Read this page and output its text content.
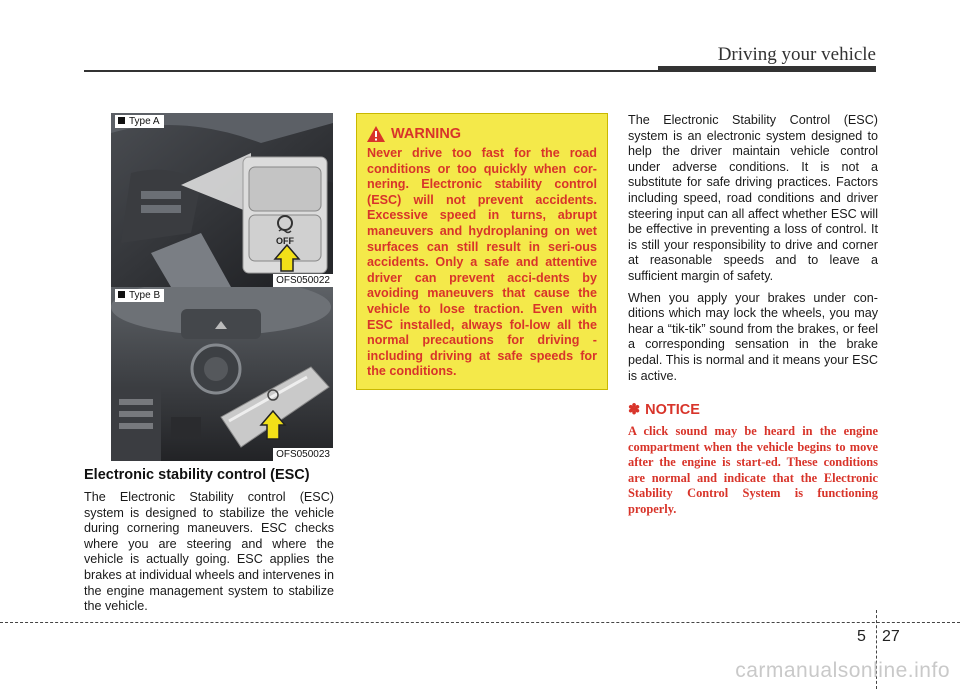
Driving your vehicle
OFF
Type A
OFS050022
Type B
OFS050023
Electronic stability control (ESC)

The Electronic Stability control (ESC) system is designed to stabilize the vehicle during cornering maneuvers. ESC checks where you are steering and where the vehicle is actually going. ESC applies the brakes at individual wheels and intervenes in the engine management system to stabilize the vehicle.

WARNING

Never drive too fast for the road conditions or too quickly when cor-nering. Electronic stability control (ESC) will not prevent accidents. Excessive speed in turns, abrupt maneuvers and hydroplaning on wet surfaces can still result in seri-ous accidents. Only a safe and attentive driver can prevent acci-dents by avoiding maneuvers that cause the vehicle to lose traction. Even with ESC installed, always fol-low all the normal precautions for driving - including driving at safe speeds for the conditions.

The Electronic Stability Control (ESC) system is an electronic system designed to help the driver maintain vehicle control under adverse conditions. It is not a substitute for safe driving practices. Factors including speed, road conditions and driver steering input can all affect whether ESC will be effective in preventing a loss of control. It is still your responsibility to drive and corner at reasonable speeds and to leave a sufficient margin of safety.

When you apply your brakes under con-ditions which may lock the wheels, you may hear a “tik-tik” sound from the brakes, or feel a corresponding sensation in the brake pedal. This is normal and it means your ESC is active.

✽ NOTICE

A click sound may be heard in the engine compartment when the vehicle begins to move after the engine is start-ed. These conditions are normal and indicate that the Electronic Stability Control System is functioning properly.

5 27
carmanualsonline.info
